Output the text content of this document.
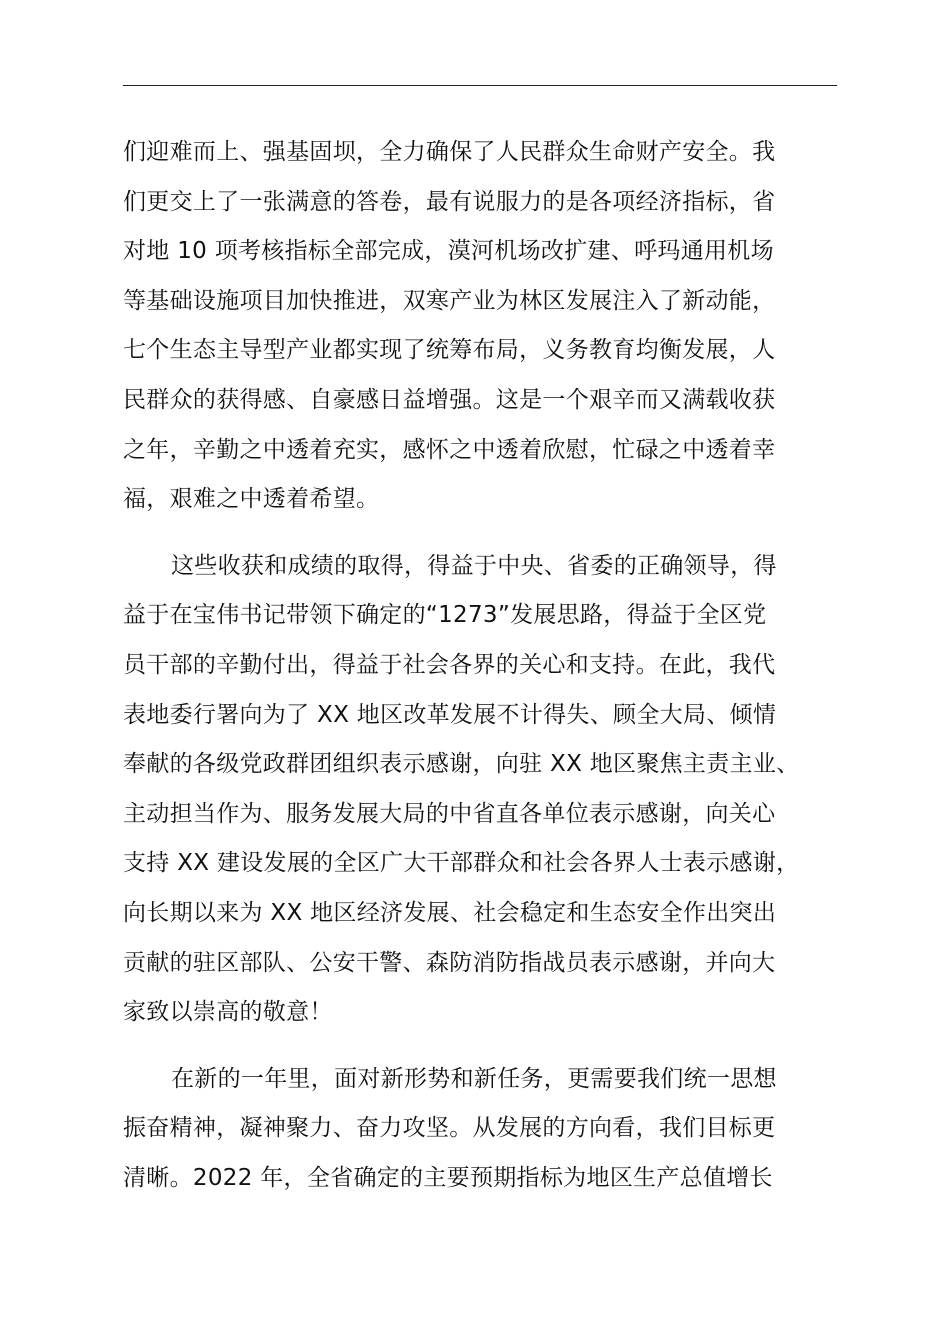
们迎难而上、强基固坝，全力确保了人民群众生命财产安全。我
们更交上了一张满意的答卷，最有说服力的是各项经济指标，省
对地 10 项考核指标全部完成，漠河机场改扩建、呼玛通用机场
等基础设施项目加快推进，双寒产业为林区发展注入了新动能，
七个生态主导型产业都实现了统筹布局，义务教育均衡发展，人
民群众的获得感、自豪感日益增强。这是一个艰辛而又满载收获
之年，辛勤之中透着充实，感怀之中透着欣慰，忙碌之中透着幸
福，艰难之中透着希望。
这些收获和成绩的取得，得益于中央、省委的正确领导，得
益于在宝伟书记带领下确定的“1273”发展思路，得益于全区党
员干部的辛勤付出，得益于社会各界的关心和支持。在此，我代
表地委行署向为了 XX 地区改革发展不计得失、顾全大局、倾情
奉献的各级党政群团组织表示感谢，向驻 XX 地区聚焦主责主业、
主动担当作为、服务发展大局的中省直各单位表示感谢，向关心
支持 XX 建设发展的全区广大干部群众和社会各界人士表示感谢，
向长期以来为 XX 地区经济发展、社会稳定和生态安全作出突出
贡献的驻区部队、公安干警、森防消防指战员表示感谢，并向大
家致以崇高的敬意！
在新的一年里，面对新形势和新任务，更需要我们统一思想
振奋精神，凝神聚力、奋力攻坚。从发展的方向看，我们目标更
清晰。2022 年，全省确定的主要预期指标为地区生产总值增长
